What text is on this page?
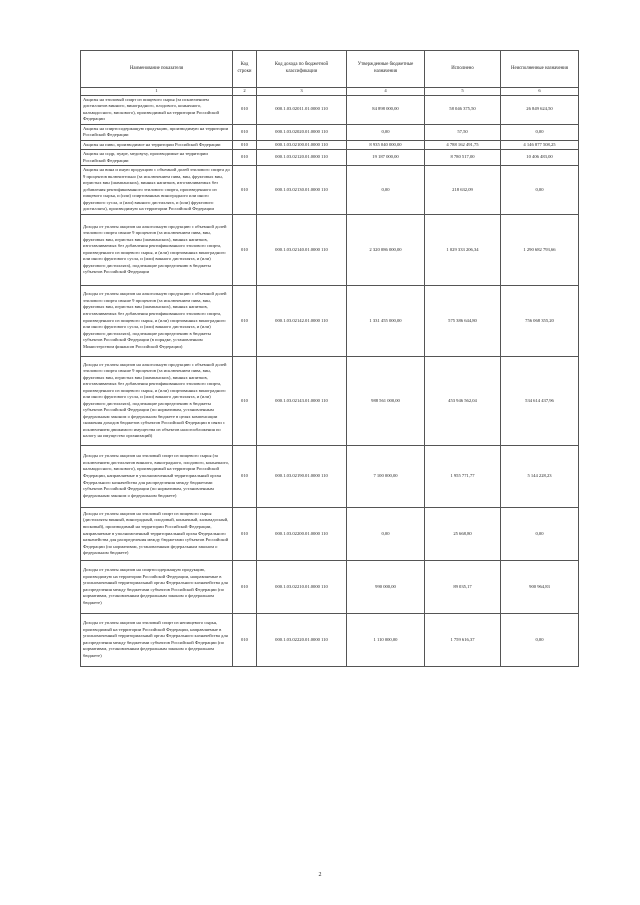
Наименование показателя	Код строки	Код дохода по бюджетной классификации	Утвержденные бюджетные назначения	Исполнено	Неисполненные назначения
1	2	3	4	5	6
Акцизы на этиловый спирт из пищевого сырья (за исключением дистиллятов винного, виноградного, плодового, коньячного, кальвадосного, вискового), производимый на территории Российской Федерации	010	000.1.03.02011.01.0000 110	84 898 000,00	58 046 375,50	26 849 624,50
Акцизы на спиртосодержащую продукцию, производимую на территории Российской Федерации	010	000.1.03.02020.01.0000 110	0,00	57,50	0,00
Акцизы на пиво, производимое на территории Российской Федерации	010	000.1.03.02100.01.0000 110	8 935 040 000,00	4 788 162 491,75	4 146 877 508,25
Акцизы на сидр, пуаре, медовуху, производимые на территории Российской Федерации	010	000.1.03.02120.01.0000 110	19 187 000,00	8 780 517,00	10 406 483,00
Акцизы на вина и иную продукцию с объемной долей этилового спирта до 9 процентов включительно (за исключением пива, вин, фруктовых вин, игристых вин (шампанских), винных напитков, изготавливаемых без добавления ректификованного этилового спирта, произведенного из пищевого сырья, и (или) спиртованных виноградного или иного фруктового сусла, и (или) винного дистиллята, и (или) фруктового дистиллята), производимую на территории Российской Федерации	010	000.1.03.02130.01.0000 110	0,00	218 632,09	0,00
Доходы от уплаты акцизов на алкогольную продукцию с объемной долей этилового спирта свыше 9 процентов (за исключением пива, вин, фруктовых вин, игристых вин (шампанских), винных напитков, изготавливаемых без добавления ректификованного этилового спирта, произведенного из пищевого сырья, и (или) спиртованных виноградного или иного фруктового сусла, и (или) винного дистиллята, и (или) фруктового дистиллята), подлежащие распределению в бюджеты субъектов Российской Федерации	010	000.1.03.02140.01.0000 110	2 320 086 000,00	1 029 333 206,34	1 290 682 793,66
Доходы от уплаты акцизов на алкогольную продукцию с объемной долей этилового спирта свыше 9 процентов (за исключением пива, вин, фруктовых вин, игристых вин (шампанских), винных напитков, изготавливаемых без добавления ректификованного этилового спирта, произведенного из пищевого сырья, и (или) спиртованных виноградного или иного фруктового сусла, и (или) винного дистиллята, и (или) фруктового дистиллята), подлежащие распределению в бюджеты субъектов Российской Федерации (в порядке, установленном Министерством финансов Российской Федерации)	010	000.1.03.02142.01.0000 110	1 331 455 000,00	575 386 644,80	756 068 355,20
Доходы от уплаты акцизов на алкогольную продукцию с объемной долей этилового спирта свыше 9 процентов (за исключением пива, вин, фруктовых вин, игристых вин (шампанских), винных напитков, изготавливаемых без добавления ректификованного этилового спирта, произведенного из пищевого сырья, и (или) спиртованных виноградного или иного фруктового сусла, и (или) винного дистиллята, и (или) фруктового дистиллята), подлежащие распределению в бюджеты субъектов Российской Федерации (по нормативам, установленным федеральным законом о федеральном бюджете в целях компенсации снижения доходов бюджетов субъектов Российской Федерации в связи с исключением движимого имущества из объектов налогообложения по налогу на имущество организаций)	010	000.1.03.02143.01.0000 110	988 561 000,00	453 946 562,04	534 614 437,96
Доходы от уплаты акцизов на этиловый спирт из пищевого сырья (за исключением дистиллятов винного, виноградного, плодового, коньячного, кальвадосного, вискового), производимый на территории Российской Федерации, направляемые в уполномоченный территориальный орган Федерального казначейства для распределения между бюджетами субъектов Российской Федерации (по нормативам, установленным федеральным законом о федеральном бюджете)	010	000.1.03.02190.01.0000 110	7 100 000,00	1 955 771,77	5 144 228,23
Доходы от уплаты акцизов на этиловый спирт из пищевого сырья (дистилляты винный, виноградный, плодовый, коньячный, кальвадосный, висковый), производимый на территории Российской Федерации, направляемые в уполномоченный территориальный орган Федерального казначейства для распределения между бюджетами субъектов Российской Федерации (по нормативам, установленным федеральным законом о федеральном бюджете)	010	000.1.03.02200.01.0000 110	0,00	25 668,80	0,00
Доходы от уплаты акцизов на спиртосодержащую продукцию, производимую на территории Российской Федерации, направляемые в уполномоченный территориальный орган Федерального казначейства для распределения между бюджетами субъектов Российской Федерации (по нормативам, установленным федеральным законом о федеральном бюджете)	010	000.1.03.02210.01.0000 110	990 000,00	89 035,17	900 964,83
Доходы от уплаты акцизов на этиловый спирт из непищевого сырья, производимый на территории Российской Федерации, направляемые в уполномоченный территориальный орган Федерального казначейства для распределения между бюджетами субъектов Российской Федерации (по нормативам, установленным федеральным законом о федеральном бюджете)	010	000.1.03.02220.01.0000 110	1 110 000,00	1 759 616,37	0,00
2
